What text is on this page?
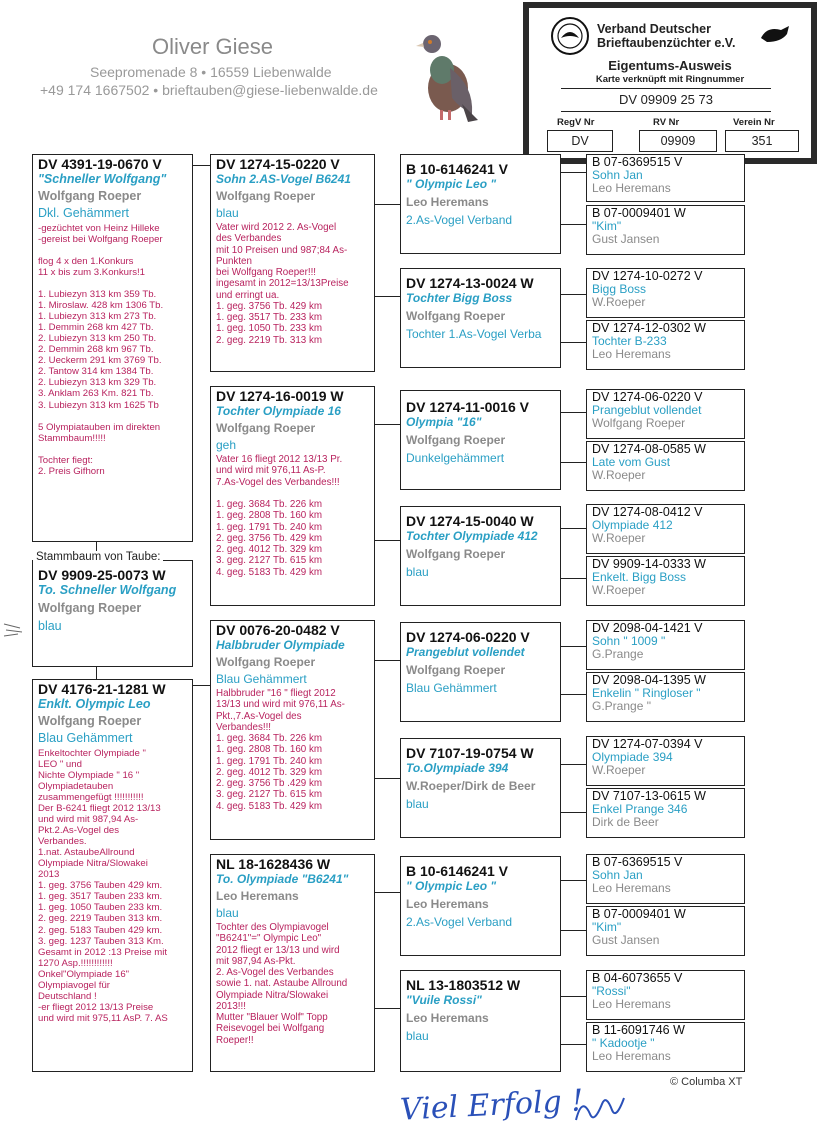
Oliver Giese
Seepromenade 8 • 16559 Liebenwalde
+49 174 1667502 • brieftauben@giese-liebenwalde.de
Verband Deutscher
Brieftaubenzüchter e.V.
Eigentums-Ausweis
Karte verknüpft mit Ringnummer
DV 09909 25 73
RegV Nr	RV Nr	Verein Nr
DV	09909	351
DV 4391-19-0670 V
"Schneller Wolfgang"
Wolfgang Roeper
Dkl. Gehämmert
-gezüchtet von Heinz Hilleke
-gereist bei Wolfgang Roeper

flog 4 x den 1.Konkurs
11 x bis zum 3.Konkurs!1

1. Lubiezyn 313 km 359 Tb.
1. Miroslaw. 428 km 1306 Tb.
1. Lubiezyn 313 km 273 Tb.
1. Demmin 268 km 427 Tb.
2. Lubiezyn 313 km 250 Tb.
2. Demmin 268 km 967 Tb.
2. Ueckerm 291 km 3769 Tb.
2. Tantow 314 km 1384 Tb.
2. Lubiezyn 313 km 329 Tb.
3. Anklam 263 Km. 821 Tb.
3. Lubiezyn 313 km 1625 Tb

5 Olympiatauben im direkten
Stammbaum!!!!!

Tochter fiegt:
2. Preis Gifhorn
Stammbaum von Taube:
DV 9909-25-0073 W
To. Schneller Wolfgang
Wolfgang Roeper
blau
DV 4176-21-1281 W
Enklt. Olympic Leo
Wolfgang Roeper
Blau Gehämmert
Enkeltochter Olympiade "
LEO " und
Nichte Olympiade " 16 "
Olympiadetauben
zusammengefügt !!!!!!!!!!!
Der B-6241 fliegt 2012 13/13
und wird mit 987,94 As-
Pkt.2.As-Vogel des
Verbandes.
1.nat. AstaubeAllround
Olympiade Nitra/Slowakei
2013
1. geg. 3756 Tauben 429 km.
1. geg. 3517 Tauben 233 km.
1. geg. 1050 Tauben 233 km.
2. geg. 2219 Tauben 313 km.
2. geg. 5183 Tauben 429 km.
3. geg. 1237 Tauben 313 Km.
Gesamt in 2012 :13 Preise mit
1270 Asp.!!!!!!!!!!!!
Onkel"Olympiade 16"
Olympiavogel für
Deutschland !
-er fliegt 2012 13/13 Preise
und wird mit 975,11 AsP. 7. AS
DV 1274-15-0220 V
Sohn 2.AS-Vogel B6241
Wolfgang Roeper
blau
Vater wird 2012 2. As-Vogel
des Verbandes
mit 10 Preisen und 987;84 As-
Punkten
bei Wolfgang Roeper!!!
ingesamt in 2012=13/13Preise
und erringt ua.
1. geg. 3756 Tb. 429 km
1. geg. 3517 Tb. 233 km
1. geg. 1050 Tb. 233 km
2. geg. 2219 Tb. 313 km
DV 1274-16-0019 W
Tochter Olympiade 16
Wolfgang Roeper
geh
Vater 16 fliegt 2012 13/13 Pr.
und wird mit 976,11 As-P.
7.As-Vogel des Verbandes!!!

1. geg. 3684 Tb. 226 km
1. geg. 2808 Tb. 160 km
1. geg. 1791 Tb. 240 km
2. geg. 3756 Tb. 429 km
2. geg. 4012 Tb. 329 km
3. geg. 2127 Tb. 615 km
4. geg. 5183 Tb. 429 km
DV 0076-20-0482 V
Halbbruder Olympiade
Wolfgang Roeper
Blau Gehämmert
Halbbruder "16 " fliegt 2012
13/13 und wird mit 976,11 As-
Pkt.,7.As-Vogel des
Verbandes!!!
1. geg. 3684 Tb. 226 km
1. geg. 2808 Tb. 160 km
1. geg. 1791 Tb. 240 km
2. geg. 4012 Tb. 329 km
2. geg. 3756 Tb .429 km
3. geg. 2127 Tb. 615 km
4. geg. 5183 Tb. 429 km
NL 18-1628436 W
To. Olympiade "B6241"
Leo Heremans
blau
Tochter des Olympiavogel
"B6241"=" Olympic Leo"
2012 fliegt er 13/13 und wird
mit 987,94 As-Pkt.
2. As-Vogel des Verbandes
sowie 1. nat. Astaube Allround
Olympiade Nitra/Slowakei
2013!!!
Mutter "Blauer Wolf" Topp
Reisevogel bei Wolfgang
Roeper!!
B 10-6146241 V
" Olympic Leo "
Leo Heremans
2.As-Vogel Verband
DV 1274-13-0024 W
Tochter Bigg Boss
Wolfgang Roeper
Tochter 1.As-Vogel Verba
DV 1274-11-0016 V
Olympia "16"
Wolfgang Roeper
Dunkelgehämmert
DV 1274-15-0040 W
Tochter Olympiade 412
Wolfgang Roeper
blau
DV 1274-06-0220 V
Prangeblut vollendet
Wolfgang Roeper
Blau Gehämmert
DV 7107-19-0754 W
To.Olympiade 394
W.Roeper/Dirk de Beer
blau
B 10-6146241 V
" Olympic Leo "
Leo Heremans
2.As-Vogel Verband
NL 13-1803512 W
"Vuile Rossi"
Leo Heremans
blau
B 07-6369515 V
Sohn Jan
Leo Heremans
B 07-0009401 W
"Kim"
Gust Jansen
DV 1274-10-0272 V
Bigg Boss
W.Roeper
DV 1274-12-0302 W
Tochter B-233
Leo Heremans
DV 1274-06-0220 V
Prangeblut vollendet
Wolfgang Roeper
DV 1274-08-0585 W
Late vom Gust
W.Roeper
DV 1274-08-0412 V
Olympiade 412
W.Roeper
DV 9909-14-0333 W
Enkelt. Bigg Boss
W.Roeper
DV 2098-04-1421 V
Sohn " 1009 "
G.Prange
DV 2098-04-1395 W
Enkelin " Ringloser "
G.Prange "
DV 1274-07-0394 V
Olympiade 394
W.Roeper
DV 7107-13-0615 W
Enkel Prange 346
Dirk de Beer
B 07-6369515 V
Sohn Jan
Leo Heremans
B 07-0009401 W
"Kim"
Gust Jansen
B 04-6073655 V
"Rossi"
Leo Heremans
B 11-6091746 W
" Kadootje "
Leo Heremans
© Columba XT
Viel Erfolg !
